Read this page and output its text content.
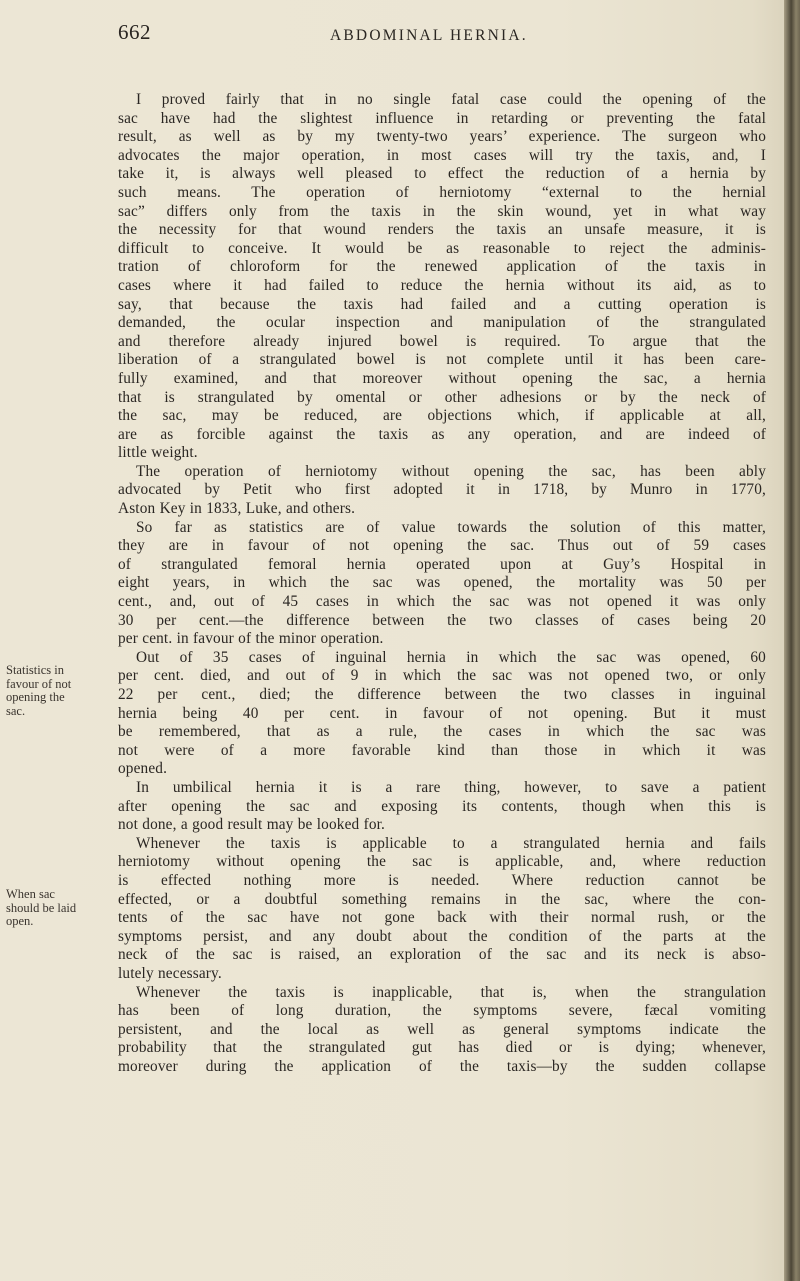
662	ABDOMINAL HERNIA.
Statistics in
favour of not
opening the
sac.
When sac
should be laid
open.
I proved fairly that in no single fatal case could the opening of the
sac have had the slightest influence in retarding or preventing the fatal
result, as well as by my twenty-two years’ experience. The surgeon who
advocates the major operation, in most cases will try the taxis, and, I
take it, is always well pleased to effect the reduction of a hernia by
such means. The operation of herniotomy “external to the hernial
sac” differs only from the taxis in the skin wound, yet in what way
the necessity for that wound renders the taxis an unsafe measure, it is
difficult to conceive. It would be as reasonable to reject the adminis-
tration of chloroform for the renewed application of the taxis in
cases where it had failed to reduce the hernia without its aid, as to
say, that because the taxis had failed and a cutting operation is
demanded, the ocular inspection and manipulation of the strangulated
and therefore already injured bowel is required. To argue that the
liberation of a strangulated bowel is not complete until it has been care-
fully examined, and that moreover without opening the sac, a hernia
that is strangulated by omental or other adhesions or by the neck of
the sac, may be reduced, are objections which, if applicable at all,
are as forcible against the taxis as any operation, and are indeed of
little weight.
The operation of herniotomy without opening the sac, has been ably
advocated by Petit who first adopted it in 1718, by Munro in 1770,
Aston Key in 1833, Luke, and others.
So far as statistics are of value towards the solution of this matter,
they are in favour of not opening the sac. Thus out of 59 cases
of strangulated femoral hernia operated upon at Guy’s Hospital in
eight years, in which the sac was opened, the mortality was 50 per
cent., and, out of 45 cases in which the sac was not opened it was only
30 per cent.—the difference between the two classes of cases being 20
per cent. in favour of the minor operation.
Out of 35 cases of inguinal hernia in which the sac was opened, 60
per cent. died, and out of 9 in which the sac was not opened two, or only
22 per cent., died; the difference between the two classes in inguinal
hernia being 40 per cent. in favour of not opening. But it must
be remembered, that as a rule, the cases in which the sac was
not were of a more favorable kind than those in which it was
opened.
In umbilical hernia it is a rare thing, however, to save a patient
after opening the sac and exposing its contents, though when this is
not done, a good result may be looked for.
Whenever the taxis is applicable to a strangulated hernia and fails
herniotomy without opening the sac is applicable, and, where reduction
is effected nothing more is needed. Where reduction cannot be
effected, or a doubtful something remains in the sac, where the con-
tents of the sac have not gone back with their normal rush, or the
symptoms persist, and any doubt about the condition of the parts at the
neck of the sac is raised, an exploration of the sac and its neck is abso-
lutely necessary.
Whenever the taxis is inapplicable, that is, when the strangulation
has been of long duration, the symptoms severe, fæcal vomiting
persistent, and the local as well as general symptoms indicate the
probability that the strangulated gut has died or is dying; whenever,
moreover during the application of the taxis—by the sudden collapse
